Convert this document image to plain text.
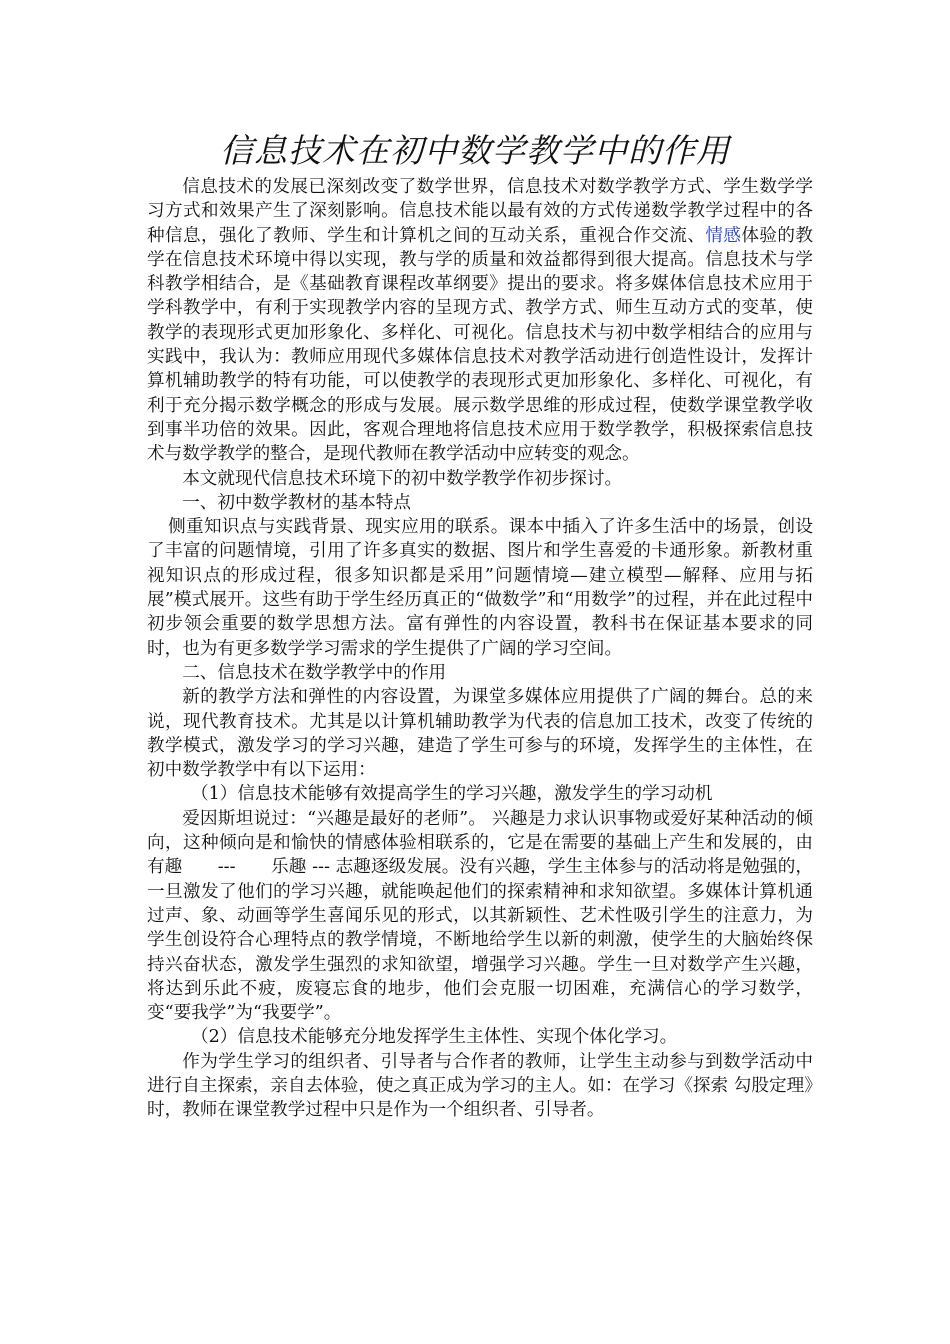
信息技术在初中数学教学中的作用

信息技术的发展已深刻改变了数学世界，信息技术对数学教学方式、学生数学学习方式和效果产生了深刻影响。信息技术能以最有效的方式传递数学教学过程中的各种信息，强化了教师、学生和计算机之间的互动关系，重视合作交流、情感体验的教学在信息技术环境中得以实现，教与学的质量和效益都得到很大提高。信息技术与学科教学相结合，是《基础教育课程改革纲要》提出的要求。将多媒体信息技术应用于学科教学中，有利于实现教学内容的呈现方式、教学方式、师生互动方式的变革，使教学的表现形式更加形象化、多样化、可视化。信息技术与初中数学相结合的应用与实践中，我认为：教师应用现代多媒体信息技术对教学活动进行创造性设计，发挥计算机辅助教学的特有功能，可以使教学的表现形式更加形象化、多样化、可视化，有利于充分揭示数学概念的形成与发展。展示数学思维的形成过程，使数学课堂教学收到事半功倍的效果。因此，客观合理地将信息技术应用于数学教学，积极探索信息技术与数学教学的整合，是现代教师在教学活动中应转变的观念。

本文就现代信息技术环境下的初中数学教学作初步探讨。

一、初中数学教材的基本特点

侧重知识点与实践背景、现实应用的联系。课本中插入了许多生活中的场景，创设了丰富的问题情境，引用了许多真实的数据、图片和学生喜爱的卡通形象。新教材重视知识点的形成过程，很多知识都是采用”问题情境—建立模型—解释、应用与拓展”模式展开。这些有助于学生经历真正的“做数学”和“用数学”的过程，并在此过程中初步领会重要的数学思想方法。富有弹性的内容设置，教科书在保证基本要求的同时，也为有更多数学学习需求的学生提供了广阔的学习空间。

二、信息技术在数学教学中的作用

新的教学方法和弹性的内容设置，为课堂多媒体应用提供了广阔的舞台。总的来说，现代教育技术。尤其是以计算机辅助教学为代表的信息加工技术，改变了传统的教学模式，激发学习的学习兴趣，建造了学生可参与的环境，发挥学生的主体性，在初中数学教学中有以下运用：

（1）信息技术能够有效提高学生的学习兴趣，激发学生的学习动机

爱因斯坦说过：“兴趣是最好的老师”。 兴趣是力求认识事物或爱好某种活动的倾向，这种倾向是和愉快的情感体验相联系的，它是在需要的基础上产生和发展的，由有趣　　---　　乐趣 --- 志趣逐级发展。没有兴趣，学生主体参与的活动将是勉强的，一旦激发了他们的学习兴趣，就能唤起他们的探索精神和求知欲望。多媒体计算机通过声、象、动画等学生喜闻乐见的形式，以其新颖性、艺术性吸引学生的注意力，为学生创设符合心理特点的教学情境，不断地给学生以新的刺激，使学生的大脑始终保持兴奋状态，激发学生强烈的求知欲望，增强学习兴趣。学生一旦对数学产生兴趣，将达到乐此不疲，废寝忘食的地步，他们会克服一切困难，充满信心的学习数学，变“要我学”为“我要学”。

（2）信息技术能够充分地发挥学生主体性、实现个体化学习。

作为学生学习的组织者、引导者与合作者的教师，让学生主动参与到数学活动中进行自主探索，亲自去体验，使之真正成为学习的主人。如：在学习《探索 勾股定理》时，教师在课堂教学过程中只是作为一个组织者、引导者。
